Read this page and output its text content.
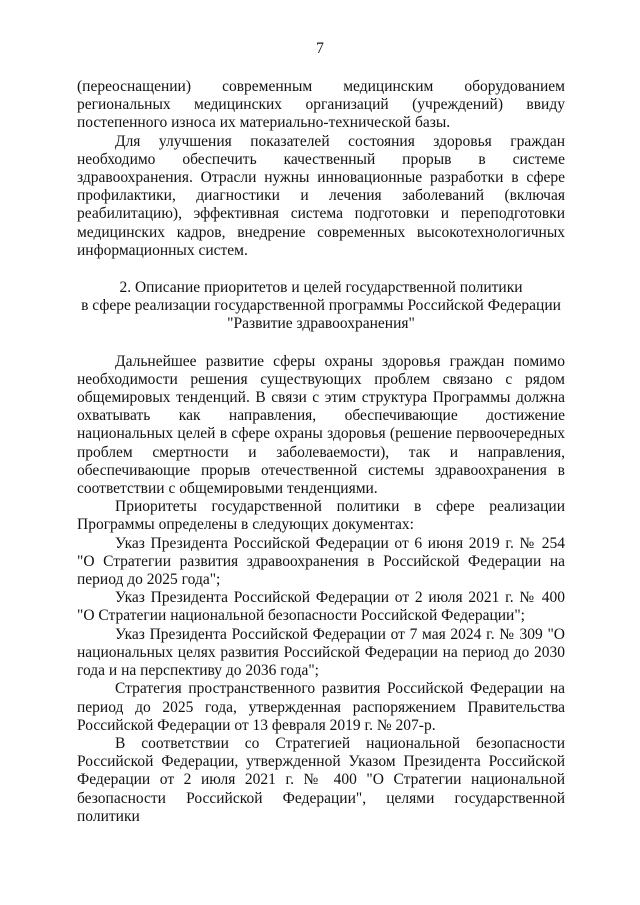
7

(переоснащении) современным медицинским оборудованием региональных медицинских организаций (учреждений) ввиду постепенного износа их материально-технической базы.

Для улучшения показателей состояния здоровья граждан необходимо обеспечить качественный прорыв в системе здравоохранения. Отрасли нужны инновационные разработки в сфере профилактики, диагностики и лечения заболеваний (включая реабилитацию), эффективная система подготовки и переподготовки медицинских кадров, внедрение современных высокотехнологичных информационных систем.

2. Описание приоритетов и целей государственной политики
в сфере реализации государственной программы Российской Федерации
"Развитие здравоохранения"

Дальнейшее развитие сферы охраны здоровья граждан помимо необходимости решения существующих проблем связано с рядом общемировых тенденций. В связи с этим структура Программы должна охватывать как направления, обеспечивающие достижение национальных целей в сфере охраны здоровья (решение первоочередных проблем смертности и заболеваемости), так и направления, обеспечивающие прорыв отечественной системы здравоохранения в соответствии с общемировыми тенденциями.

Приоритеты государственной политики в сфере реализации Программы определены в следующих документах:

Указ Президента Российской Федерации от 6 июня 2019 г. № 254 "О Стратегии развития здравоохранения в Российской Федерации на период до 2025 года";

Указ Президента Российской Федерации от 2 июля 2021 г. № 400 "О Стратегии национальной безопасности Российской Федерации";

Указ Президента Российской Федерации от 7 мая 2024 г. № 309 "О национальных целях развития Российской Федерации на период до 2030 года и на перспективу до 2036 года";

Стратегия пространственного развития Российской Федерации на период до 2025 года, утвержденная распоряжением Правительства Российской Федерации от 13 февраля 2019 г. № 207-р.

В соответствии со Стратегией национальной безопасности Российской Федерации, утвержденной Указом Президента Российской Федерации от 2 июля 2021 г. № 400 "О Стратегии национальной безопасности Российской Федерации", целями государственной политики
